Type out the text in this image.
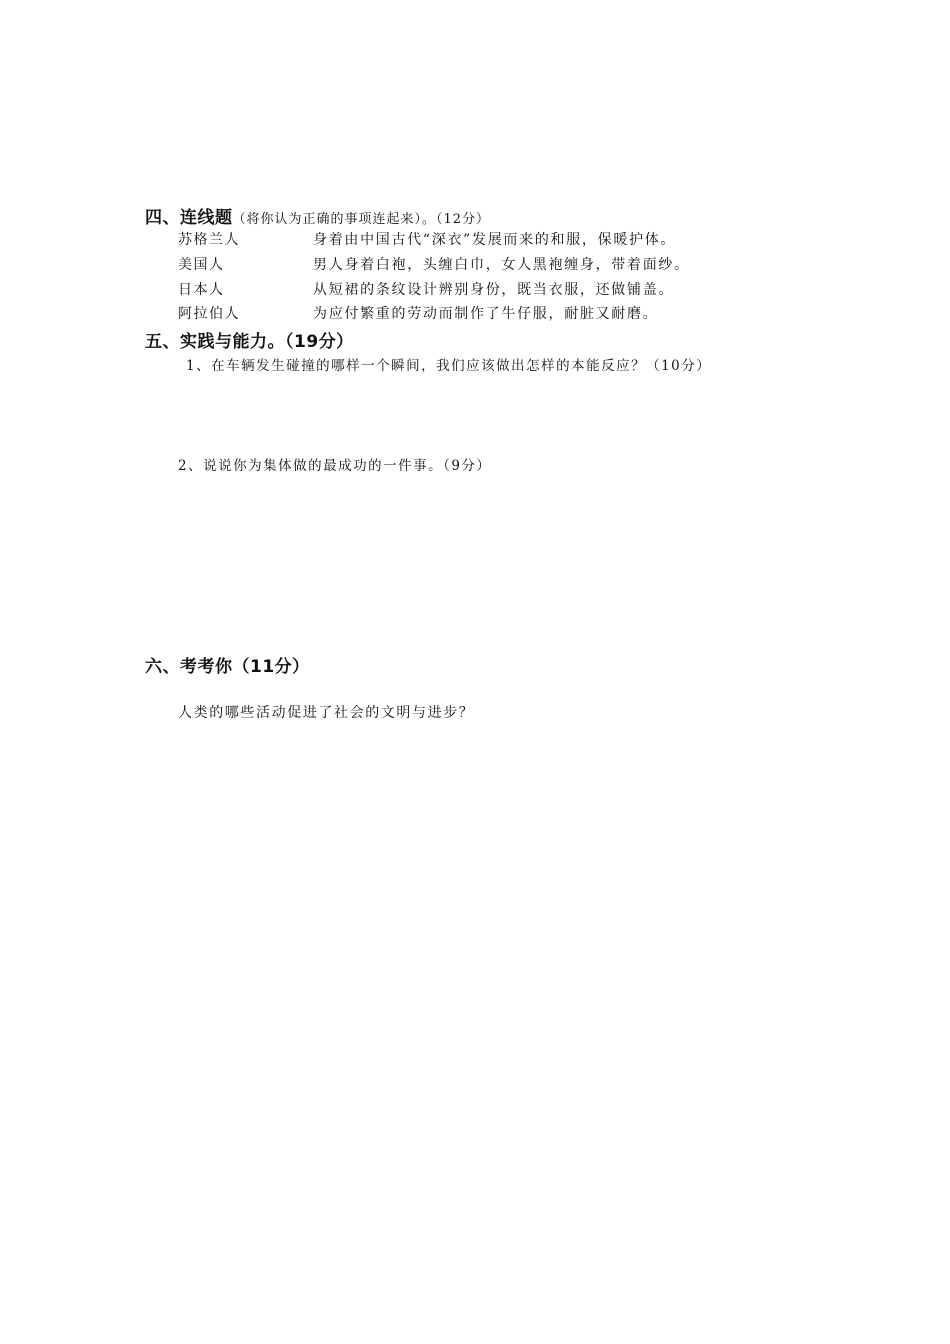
四、连线题（将你认为正确的事项连起来）。（12分）
苏格兰人
美国人
日本人
阿拉伯人
身着由中国古代“深衣”发展而来的和服，保暖护体。
男人身着白袍，头缠白巾，女人黑袍缠身，带着面纱。
从短裙的条纹设计辨别身份，既当衣服，还做铺盖。
为应付繁重的劳动而制作了牛仔服，耐脏又耐磨。
五、实践与能力。（19分）
1、在车辆发生碰撞的哪样一个瞬间，我们应该做出怎样的本能反应？（10分）
2、说说你为集体做的最成功的一件事。（9分）
六、考考你（11分）
人类的哪些活动促进了社会的文明与进步？
